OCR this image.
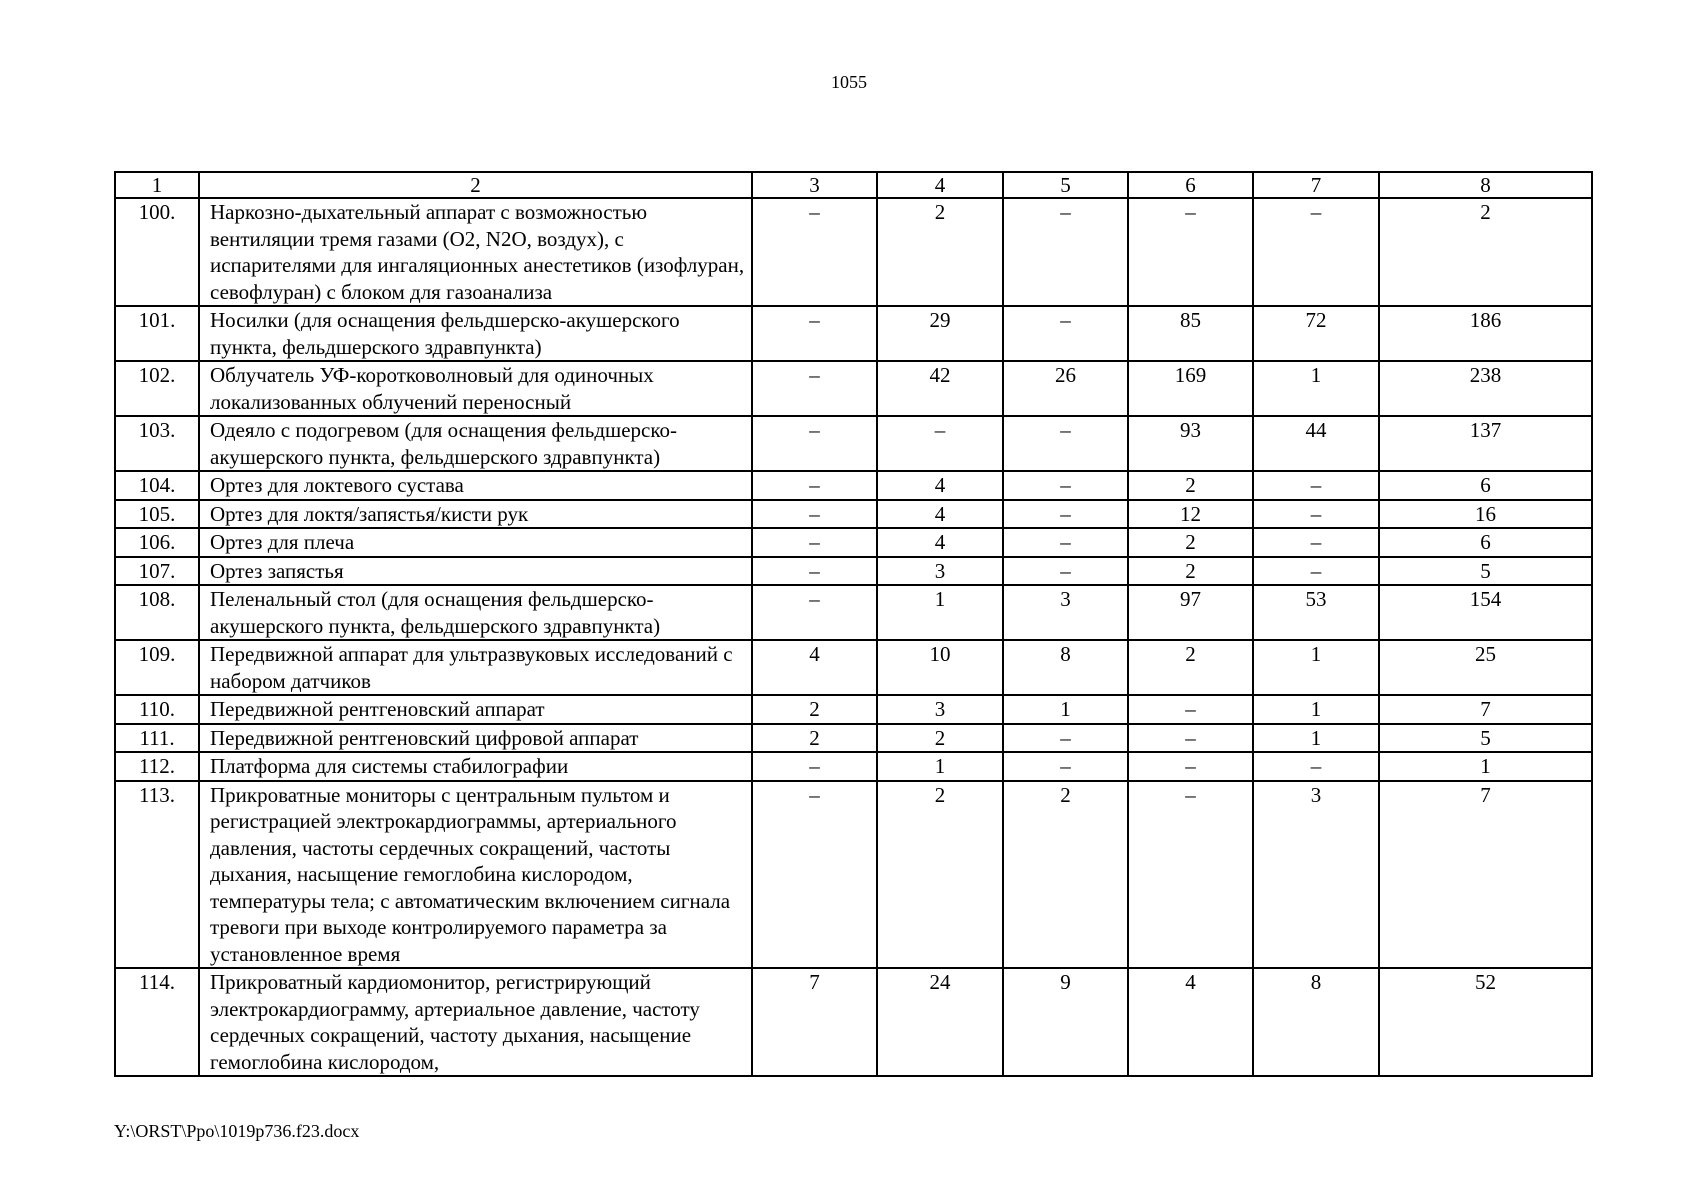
1055
1	2	3	4	5	6	7	8
100.	Наркозно-дыхательный аппарат с возможностью вентиляции тремя газами (O2, N2O, воздух), с испарителями для ингаляционных анестетиков (изофлуран, севофлуран) с блоком для газоанализа	–	2	–	–	–	2
101.	Носилки (для оснащения фельдшерско-акушерского пункта, фельдшерского здравпункта)	–	29	–	85	72	186
102.	Облучатель УФ-коротковолновый для одиночных локализованных облучений переносный	–	42	26	169	1	238
103.	Одеяло с подогревом (для оснащения фельдшерско-акушерского пункта, фельдшерского здравпункта)	–	–	–	93	44	137
104.	Ортез для локтевого сустава	–	4	–	2	–	6
105.	Ортез для локтя/запястья/кисти рук	–	4	–	12	–	16
106.	Ортез для плеча	–	4	–	2	–	6
107.	Ортез запястья	–	3	–	2	–	5
108.	Пеленальный стол (для оснащения фельдшерско-акушерского пункта, фельдшерского здравпункта)	–	1	3	97	53	154
109.	Передвижной аппарат для ультразвуковых исследований с набором датчиков	4	10	8	2	1	25
110.	Передвижной рентгеновский аппарат	2	3	1	–	1	7
111.	Передвижной рентгеновский цифровой аппарат	2	2	–	–	1	5
112.	Платформа для системы стабилографии	–	1	–	–	–	1
113.	Прикроватные мониторы с центральным пультом и регистрацией электрокардиограммы, артериального давления, частоты сердечных сокращений, частоты дыхания, насыщение гемоглобина кислородом, температуры тела; с автоматическим включением сигнала тревоги при выходе контролируемого параметра за установленное время	–	2	2	–	3	7
114.	Прикроватный кардиомонитор, регистрирующий электрокардиограмму, артериальное давление, частоту сердечных сокращений, частоту дыхания, насыщение гемоглобина кислородом,	7	24	9	4	8	52
Y:\ORST\Ppo\1019p736.f23.docx
